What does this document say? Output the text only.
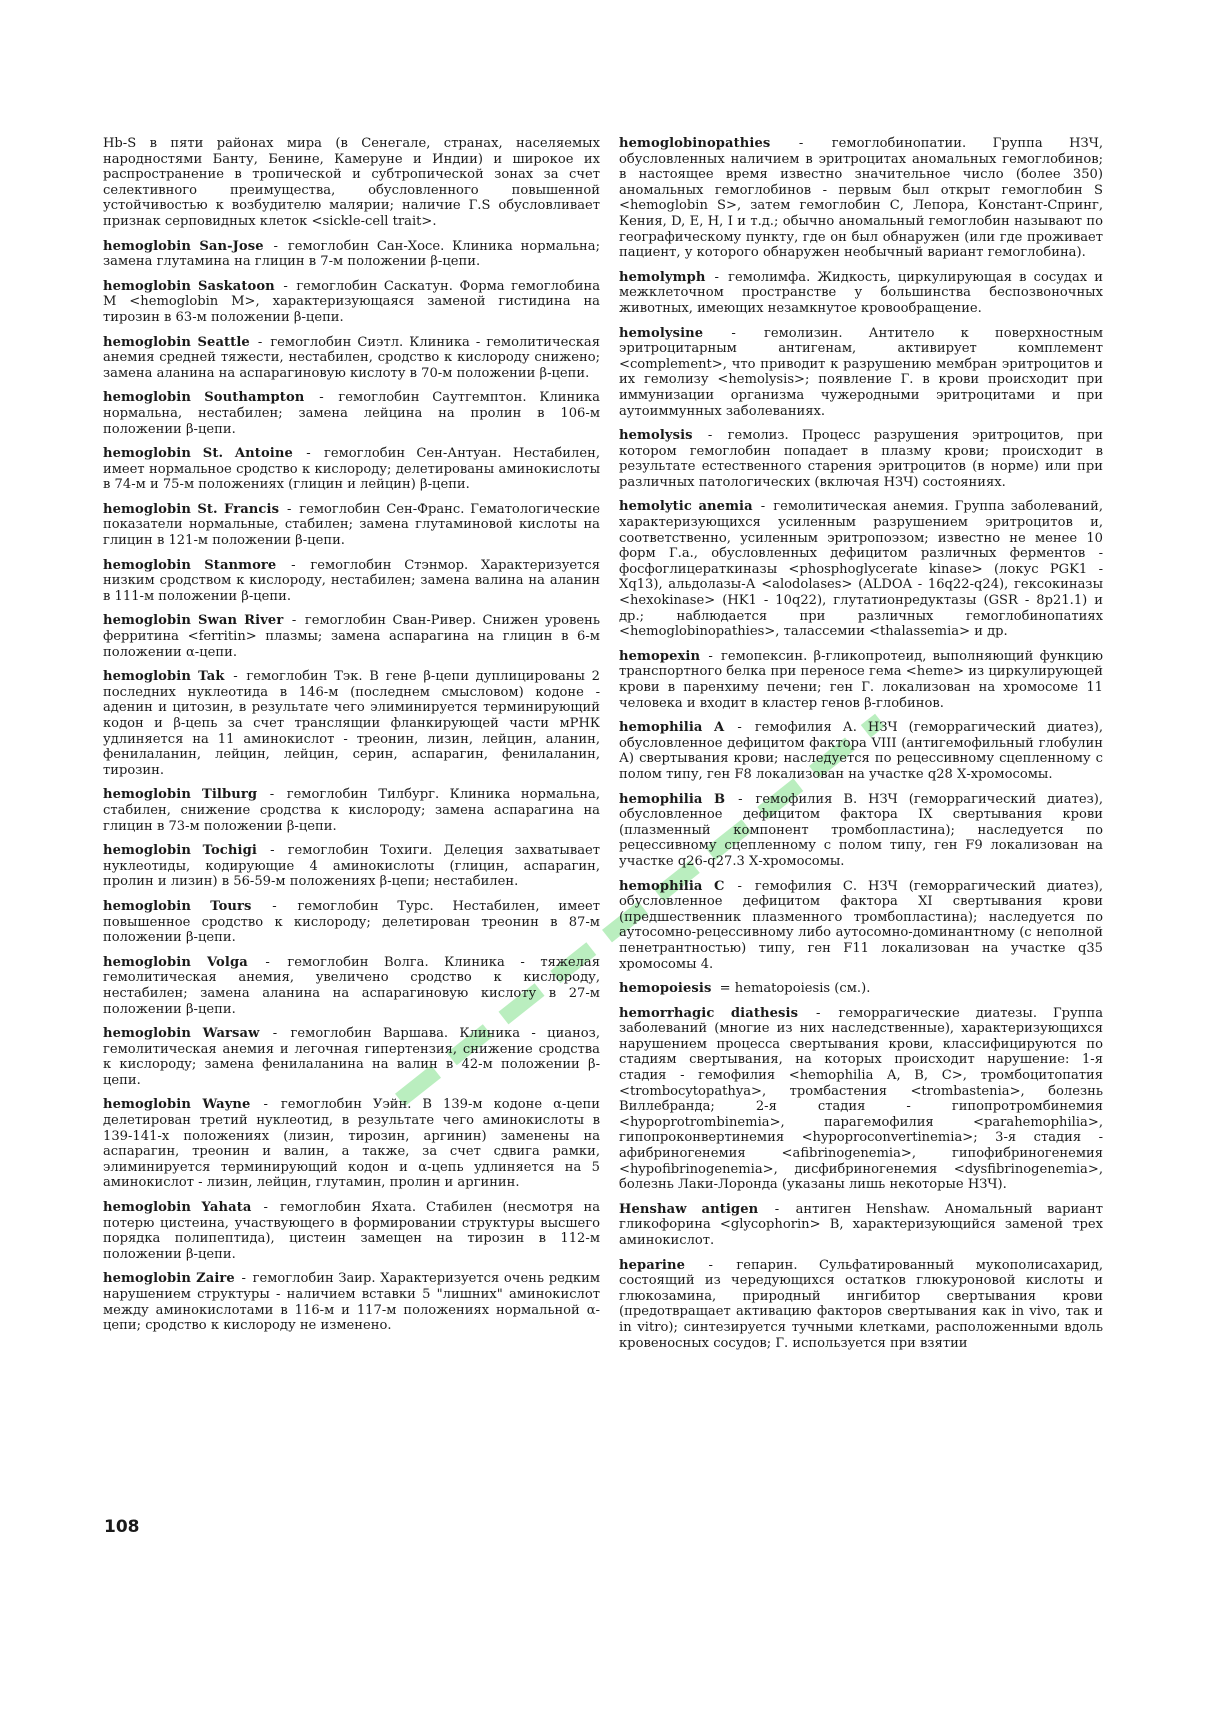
Hb-S в пяти районах мира (в Сенегале, странах, населяемых народностями Банту, Бенине, Камеруне и Индии) и широкое их распространение в тропической и субтропической зонах за счет селективного преимущества, обусловленного повышенной устойчивостью к возбудителю малярии; наличие Г.S обусловливает признак серповидных клеток <sickle-cell trait>.

hemoglobin San-Jose - гемоглобин Сан-Хосе. Клиника нормальна; замена глутамина на глицин в 7-м положении β-цепи.

hemoglobin Saskatoon - гемоглобин Саскатун. Форма гемоглобина M <hemoglobin M>, характеризующаяся заменой гистидина на тирозин в 63-м положении β-цепи.

hemoglobin Seattle - гемоглобин Сиэтл. Клиника - гемолитическая анемия средней тяжести, нестабилен, сродство к кислороду снижено; замена аланина на аспарагиновую кислоту в 70-м положении β-цепи.

hemoglobin Southampton - гемоглобин Саутгемптон. Клиника нормальна, нестабилен; замена лейцина на пролин в 106-м положении β-цепи.

hemoglobin St. Antoine - гемоглобин Сен-Антуан. Нестабилен, имеет нормальное сродство к кислороду; делетированы аминокислоты в 74-м и 75-м положениях (глицин и лейцин) β-цепи.

hemoglobin St. Francis - гемоглобин Сен-Франс. Гематологические показатели нормальные, стабилен; замена глутаминовой кислоты на глицин в 121-м положении β-цепи.

hemoglobin Stanmore - гемоглобин Стэнмор. Характеризуется низким сродством к кислороду, нестабилен; замена валина на аланин в 111-м положении β-цепи.

hemoglobin Swan River - гемоглобин Сван-Ривер. Снижен уровень ферритина <ferritin> плазмы; замена аспарагина на глицин в 6-м положении α-цепи.

hemoglobin Tak - гемоглобин Тэк. В гене β-цепи дуплицированы 2 последних нуклеотида в 146-м (последнем смысловом) кодоне - аденин и цитозин, в результате чего элиминируется терминирующий кодон и β-цепь за счет транслящии фланкирующей части мРНК удлиняется на 11 аминокислот - треонин, лизин, лейцин, аланин, фенилаланин, лейцин, лейцин, серин, аспарагин, фенилаланин, тирозин.

hemoglobin Tilburg - гемоглобин Тилбург. Клиника нормальна, стабилен, снижение сродства к кислороду; замена аспарагина на глицин в 73-м положении β-цепи.

hemoglobin Tochigi - гемоглобин Тохиги. Делеция захватывает нуклеотиды, кодирующие 4 аминокислоты (глицин, аспарагин, пролин и лизин) в 56-59-м положениях β-цепи; нестабилен.

hemoglobin Tours - гемоглобин Турс. Нестабилен, имеет повышенное сродство к кислороду; делетирован треонин в 87-м положении β-цепи.

hemoglobin Volga - гемоглобин Волга. Клиника - тяжелая гемолитическая анемия, увеличено сродство к кислороду, нестабилен; замена аланина на аспарагиновую кислоту в 27-м положении β-цепи.

hemoglobin Warsaw - гемоглобин Варшава. Клиника - цианоз, гемолитическая анемия и легочная гипертензия, снижение сродства к кислороду; замена фенилаланина на валин в 42-м положении β-цепи.

hemoglobin Wayne - гемоглобин Уэйн. В 139-м кодоне α-цепи делетирован третий нуклеотид, в результате чего аминокислоты в 139-141-х положениях (лизин, тирозин, аргинин) заменены на аспарагин, треонин и валин, а также, за счет сдвига рамки, элиминируется терминирующий кодон и α-цепь удлиняется на 5 аминокислот - лизин, лейцин, глутамин, пролин и аргинин.

hemoglobin Yahata - гемоглобин Яхата. Стабилен (несмотря на потерю цистеина, участвующего в формировании структуры высшего порядка полипептида), цистеин замещен на тирозин в 112-м положении β-цепи.

hemoglobin Zaire - гемоглобин Заир. Характеризуется очень редким нарушением структуры - наличием вставки 5 "лишних" аминокислот между аминокислотами в 116-м и 117-м положениях нормальной α-цепи; сродство к кислороду не изменено.

hemoglobinopathies - гемоглобинопатии. Группа НЗЧ, обусловленных наличием в эритроцитах аномальных гемоглобинов; в настоящее время известно значительное число (более 350) аномальных гемоглобинов - первым был открыт гемоглобин S <hemoglobin S>, затем гемоглобин С, Лепора, Констант-Спринг, Кения, D, E, H, I и т.д.; обычно аномальный гемоглобин называют по географическому пункту, где он был обнаружен (или где проживает пациент, у которого обнаружен необычный вариант гемоглобина).

hemolymph - гемолимфа. Жидкость, циркулирующая в сосудах и межклеточном пространстве у большинства беспозвоночных животных, имеющих незамкнутое кровообращение.

hemolysine - гемолизин. Антитело к поверхностным эритроцитарным антигенам, активирует комплемент <complement>, что приводит к разрушению мембран эритроцитов и их гемолизу <hemolysis>; появление Г. в крови происходит при иммунизации организма чужеродными эритроцитами и при аутоиммунных заболеваниях.

hemolysis - гемолиз. Процесс разрушения эритроцитов, при котором гемоглобин попадает в плазму крови; происходит в результате естественного старения эритроцитов (в норме) или при различных патологических (включая НЗЧ) состояниях.

hemolytic anemia - гемолитическая анемия. Группа заболеваний, характеризующихся усиленным разрушением эритроцитов и, соответственно, усиленным эритропоэзом; известно не менее 10 форм Г.а., обусловленных дефицитом различных ферментов - фосфоглицераткиназы <phosphoglycerate kinase> (локус PGK1 - Xq13), альдолазы-А <alodolases> (ALDOA - 16q22-q24), гексокиназы <hexokinase> (HK1 - 10q22), глутатионредуктазы (GSR - 8p21.1) и др.; наблюдается при различных гемоглобинопатиях <hemoglobinopathies>, талассемии <thalassemia> и др.

hemopexin - гемопексин. β-гликопротеид, выполняющий функцию транспортного белка при переносе гема <heme> из циркулирующей крови в паренхиму печени; ген Г. локализован на хромосоме 11 человека и входит в кластер генов β-глобинов.

hemophilia A - гемофилия А. НЗЧ (геморрагический диатез), обусловленное дефицитом фактора VIII (антигемофильный глобулин А) свертывания крови; наследуется по рецессивному сцепленному с полом типу, ген F8 локализован на участке q28 Х-хромосомы.

hemophilia B - гемофилия В. НЗЧ (геморрагический диатез), обусловленное дефицитом фактора IX свертывания крови (плазменный компонент тромбопластина); наследуется по рецессивному сцепленному с полом типу, ген F9 локализован на участке q26-q27.3 Х-хромосомы.

hemophilia C - гемофилия С. НЗЧ (геморрагический диатез), обусловленное дефицитом фактора XI свертывания крови (предшественник плазменного тромбопластина); наследуется по аутосомно-рецессивному либо аутосомно-доминантному (с неполной пенетрантностью) типу, ген F11 локализован на участке q35 хромосомы 4.

hemopoiesis = hematopoiesis (см.).

hemorrhagic diathesis - геморрагические диатезы. Группа заболеваний (многие из них наследственные), характеризующихся нарушением процесса свертывания крови, классифицируются по стадиям свертывания, на которых происходит нарушение: 1-я стадия - гемофилия <hemophilia A, B, C>, тромбоцитопатия <trombocytopathya>, тромбастения <trombastenia>, болезнь Виллебранда; 2-я стадия - гипопротромбинемия <hypoprotrombinemia>, парагемофилия <parahemophilia>, гипопроконвертинемия <hypoproconvertinemia>; 3-я стадия - афибриногенемия <afibrinogenemia>, гипофибриногенемия <hypofibrinogenemia>, дисфибриногенемия <dysfibrinogenemia>, болезнь Лаки-Лоронда (указаны лишь некоторые НЗЧ).

Henshaw antigen - антиген Henshaw. Аномальный вариант гликофорина <glycophorin> В, характеризующийся заменой трех аминокислот.

heparine - гепарин. Сульфатированный мукополисахарид, состоящий из чередующихся остатков глюкуроновой кислоты и глюкозамина, природный ингибитор свертывания крови (предотвращает активацию факторов свертывания как in vivo, так и in vitro); синтезируется тучными клетками, расположенными вдоль кровеносных сосудов; Г. используется при взятии

108
